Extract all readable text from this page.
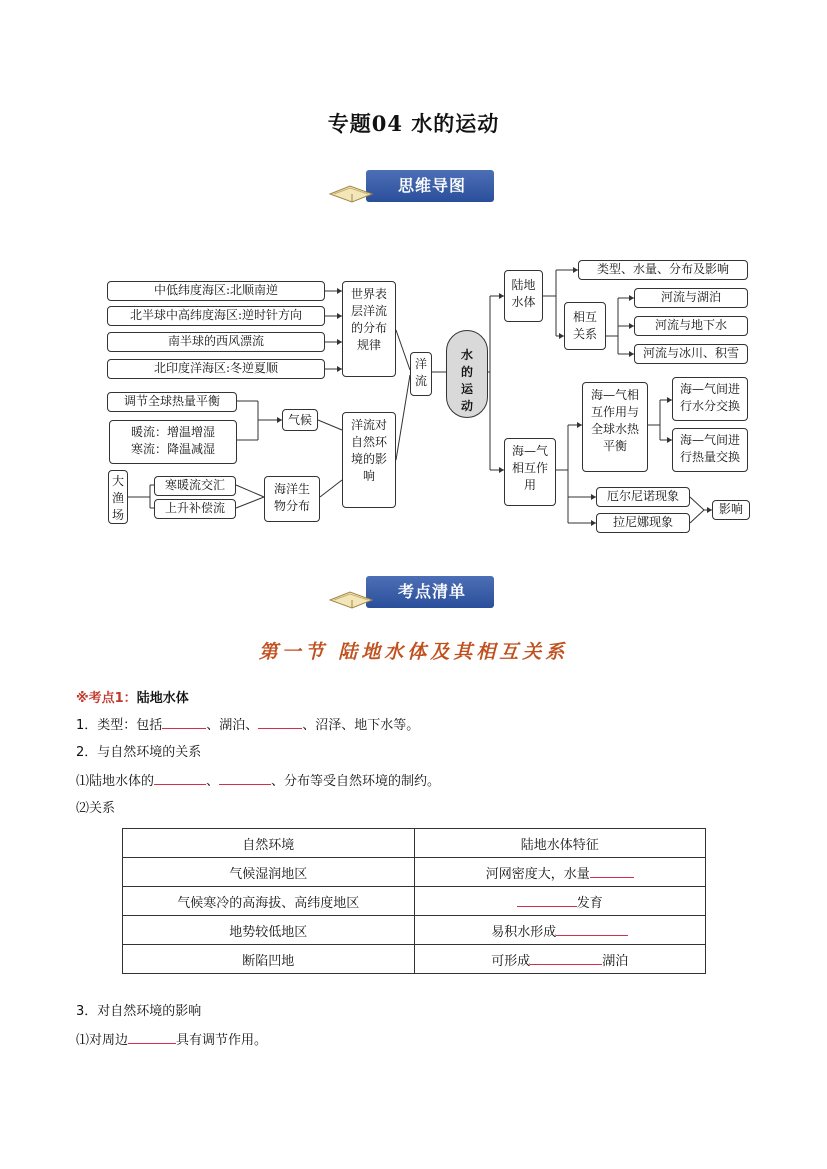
专题04 水的运动
思维导图
中低纬度海区:北顺南逆
北半球中高纬度海区:逆时针方向
南半球的西风漂流
北印度洋海区:冬逆夏顺
世界表层洋流的分布规律
洋流
水的运动
洋流对自然环境的影响
调节全球热量平衡
暖流：增温增湿
寒流：降温减湿
气候
大渔场
寒暖流交汇
上升补偿流
海洋生物分布
陆地水体
类型、水量、分布及影响
相互关系
河流与湖泊
河流与地下水
河流与冰川、积雪
海—气相互作用
海—气相互作用与全球水热平衡
海—气间进行水分交换
海—气间进行热量交换
厄尔尼诺现象
拉尼娜现象
影响
考点清单
第一节 陆地水体及其相互关系
※考点1：陆地水体
1．类型：包括	、湖泊、	、沼泽、地下水等。
2．与自然环境的关系
⑴陆地水体的	、	、分布等受自然环境的制约。
⑵关系
自然环境	陆地水体特征
气候湿润地区	河网密度大，水量
气候寒冷的高海拔、高纬度地区	发育
地势较低地区	易积水形成
断陷凹地	可形成 湖泊
3．对自然环境的影响
⑴对周边	具有调节作用。
